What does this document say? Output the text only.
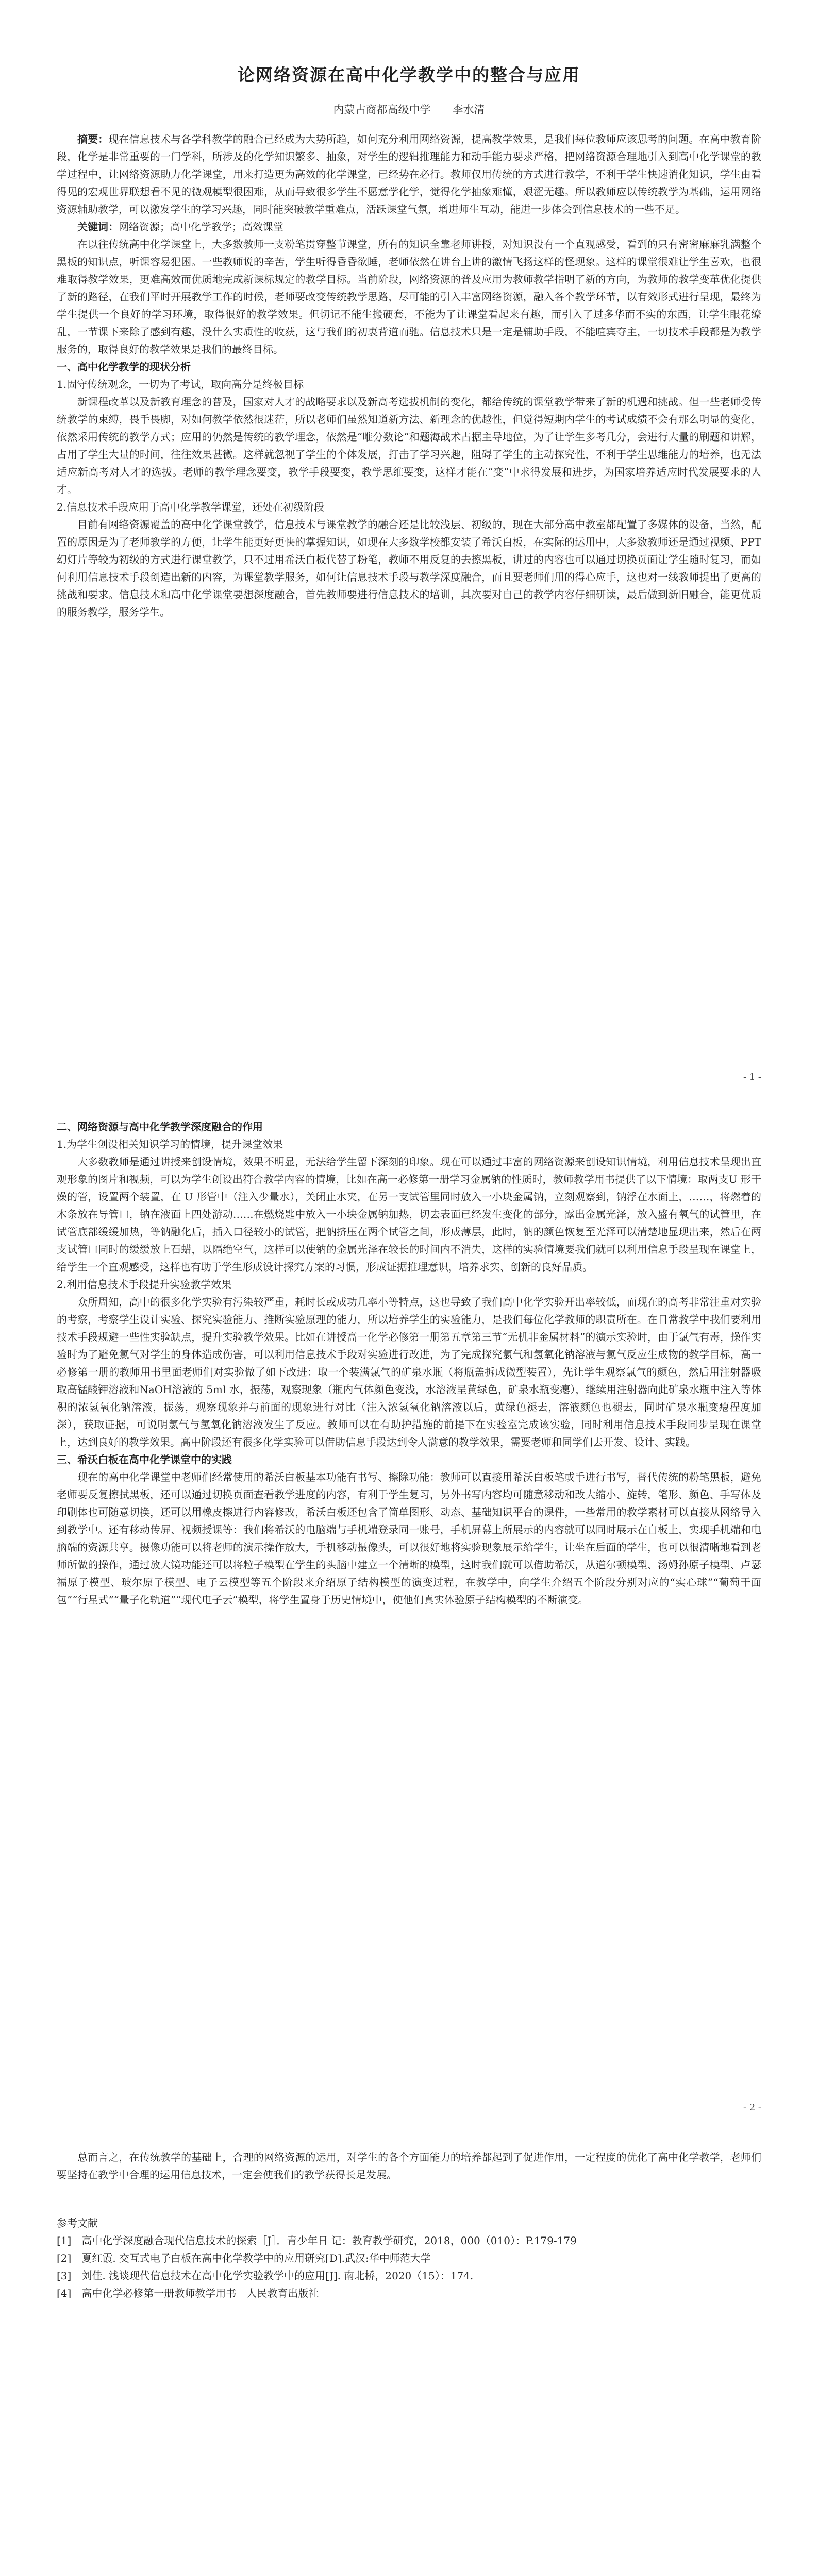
论网络资源在高中化学教学中的整合与应用
内蒙古商都高级中学　　李水清

摘要：现在信息技术与各学科教学的融合已经成为大势所趋，如何充分利用网络资源，提高教学效果，是我们每位教师应该思考的问题。在高中教育阶段，化学是非常重要的一门学科，所涉及的化学知识繁多、抽象，对学生的逻辑推理能力和动手能力要求严格，把网络资源合理地引入到高中化学课堂的教学过程中，让网络资源助力化学课堂，用来打造更为高效的化学课堂，已经势在必行。教师仅用传统的方式进行教学，不利于学生快速消化知识，学生由看得见的宏观世界联想看不见的微观模型很困难，从而导致很多学生不愿意学化学，觉得化学抽象难懂，艰涩无趣。所以教师应以传统教学为基础，运用网络资源辅助教学，可以激发学生的学习兴趣，同时能突破教学重难点，活跃课堂气氛，增进师生互动，能进一步体会到信息技术的一些不足。

关键词：网络资源；高中化学教学；高效课堂

在以往传统高中化学课堂上，大多数教师一支粉笔贯穿整节课堂，所有的知识全靠老师讲授，对知识没有一个直观感受，看到的只有密密麻麻乳满整个黑板的知识点，听课容易犯困。一些教师说的辛苦，学生听得昏昏欲睡，老师依然在讲台上讲的激情飞扬这样的怪现象。这样的课堂很难让学生喜欢，也很难取得教学效果，更难高效而优质地完成新课标规定的教学目标。当前阶段，网络资源的普及应用为教师教学指明了新的方向，为教师的教学变革优化提供了新的路径，在我们平时开展教学工作的时候，老师要改变传统教学思路，尽可能的引入丰富网络资源，融入各个教学环节，以有效形式进行呈现，最终为学生提供一个良好的学习环境，取得很好的教学效果。但切记不能生搬硬套，不能为了让课堂看起来有趣，而引入了过多华而不实的东西，让学生眼花缭乱，一节课下来除了感到有趣，没什么实质性的收获，这与我们的初衷背道而驰。信息技术只是一定是辅助手段，不能喧宾夺主，一切技术手段都是为教学服务的，取得良好的教学效果是我们的最终目标。

一、高中化学教学的现状分析

1.固守传统观念，一切为了考试，取向高分是终极目标

新课程改革以及新教育理念的普及，国家对人才的战略要求以及新高考选拔机制的变化，都给传统的课堂教学带来了新的机遇和挑战。但一些老师受传统教学的束缚，畏手畏脚，对如何教学依然很迷茫，所以老师们虽然知道新方法、新理念的优越性，但觉得短期内学生的考试成绩不会有那么明显的变化，依然采用传统的教学方式；应用的仍然是传统的教学理念，依然是“唯分数论”和题海战术占据主导地位，为了让学生多考几分，会进行大量的刷题和讲解，占用了学生大量的时间，往往效果甚微。这样就忽视了学生的个体发展，打击了学习兴趣，阻碍了学生的主动探究性，不利于学生思维能力的培养，也无法适应新高考对人才的选拔。老师的教学理念要变，教学手段要变，教学思维要变，这样才能在“变”中求得发展和进步，为国家培养适应时代发展要求的人才。

2.信息技术手段应用于高中化学教学课堂，还处在初级阶段

目前有网络资源覆盖的高中化学课堂教学，信息技术与课堂教学的融合还是比较浅层、初级的，现在大部分高中教室都配置了多媒体的设备，当然，配置的原因是为了老师教学的方便，让学生能更好更快的掌握知识，如现在大多数学校都安装了希沃白板，在实际的运用中，大多数教师还是通过视频、PPT 幻灯片等较为初级的方式进行课堂教学，只不过用希沃白板代替了粉笔，教师不用反复的去擦黑板，讲过的内容也可以通过切换页面让学生随时复习，而如何利用信息技术手段创造出新的内容，为课堂教学服务，如何让信息技术手段与教学深度融合，而且要老师们用的得心应手，这也对一线教师提出了更高的挑战和要求。信息技术和高中化学课堂要想深度融合，首先教师要进行信息技术的培训，其次要对自己的教学内容仔细研读，最后做到新旧融合，能更优质的服务教学，服务学生。

- 1 -

二、网络资源与高中化学教学深度融合的作用

1.为学生创设相关知识学习的情境，提升课堂效果

大多数教师是通过讲授来创设情境，效果不明显，无法给学生留下深刻的印象。现在可以通过丰富的网络资源来创设知识情境，利用信息技术呈现出直观形象的图片和视频，可以为学生创设出符合教学内容的情境，比如在高一必修第一册学习金属钠的性质时，教师教学用书提供了以下情境：取两支U 形干燥的管，设置两个装置，在 U 形管中（注入少量水），关闭止水夹，在另一支试管里同时放入一小块金属钠，立刻观察到，钠浮在水面上，……，将燃着的木条放在导管口，钠在液面上四处游动……在燃烧匙中放入一小块金属钠加热，切去表面已经发生变化的部分，露出金属光泽，放入盛有氧气的试管里，在试管底部缓缓加热，等钠融化后，插入口径较小的试管，把钠挤压在两个试管之间，形成薄层，此时，钠的颜色恢复至光泽可以清楚地显现出来，然后在两支试管口同时的缓缓放上石蜡，以隔绝空气，这样可以使钠的金属光泽在较长的时间内不消失，这样的实验情境要我们就可以利用信息手段呈现在课堂上，给学生一个直观感受，这样也有助于学生形成设计探究方案的习惯，形成证据推理意识，培养求实、创新的良好品质。

2.利用信息技术手段提升实验教学效果

众所周知，高中的很多化学实验有污染较严重，耗时长或成功几率小等特点，这也导致了我们高中化学实验开出率较低，而现在的高考非常注重对实验的考察，考察学生设计实验、探究实验能力、推断实验原理的能力，所以培养学生的实验能力，是我们每位化学教师的职责所在。在日常教学中我们要利用技术手段规避一些性实验缺点，提升实验教学效果。比如在讲授高一化学必修第一册第五章第三节“无机非金属材料”的演示实验时，由于氯气有毒，操作实验时为了避免氯气对学生的身体造成伤害，可以利用信息技术手段对实验进行改进，为了完成探究氯气和氢氧化钠溶液与氯气反应生成物的教学目标，高一必修第一册的教师用书里面老师们对实验做了如下改进：取一个装满氯气的矿泉水瓶（将瓶盖拆成微型装置），先让学生观察氯气的颜色，然后用注射器吸取高锰酸钾溶液和NaOH溶液的 5ml 水，振荡，观察现象（瓶内气体颜色变浅，水溶液呈黄绿色，矿泉水瓶变瘪），继续用注射器向此矿泉水瓶中注入等体积的浓氢氧化钠溶液，振荡，观察现象并与前面的现象进行对比（注入浓氢氧化钠溶液以后，黄绿色褪去，溶液颜色也褪去，同时矿泉水瓶变瘪程度加深），获取证据，可说明氯气与氢氧化钠溶液发生了反应。教师可以在有助护措施的前提下在实验室完成该实验，同时利用信息技术手段同步呈现在课堂上，达到良好的教学效果。高中阶段还有很多化学实验可以借助信息手段达到令人满意的教学效果，需要老师和同学们去开发、设计、实践。

三、希沃白板在高中化学课堂中的实践

现在的高中化学课堂中老师们经常使用的希沃白板基本功能有书写、擦除功能：教师可以直接用希沃白板笔或手进行书写，替代传统的粉笔黑板，避免老师要反复擦拭黑板，还可以通过切换页面查看教学进度的内容，有利于学生复习，另外书写内容均可随意移动和改大缩小、旋转，笔形、颜色、手写体及印刷体也可随意切换，还可以用橡皮擦进行内容修改，希沃白板还包含了简单图形、动态、基础知识平台的课件，一些常用的教学素材可以直接从网络导入到教学中。还有移动传屏、视频授课等：我们将希沃的电脑端与手机端登录同一账号，手机屏幕上所展示的内容就可以同时展示在白板上，实现手机端和电脑端的资源共享。摄像功能可以将老师的演示操作放大，手机移动摄像头，可以很好地将实验现象展示给学生，让坐在后面的学生，也可以很清晰地看到老师所做的操作，通过放大镜功能还可以将粒子模型在学生的头脑中建立一个清晰的模型，这时我们就可以借助希沃，从道尔顿模型、汤姆孙原子模型、卢瑟福原子模型、玻尔原子模型、电子云模型等五个阶段来介绍原子结构模型的演变过程，在教学中，向学生介绍五个阶段分别对应的“实心球”“葡萄干面包”“行星式”“量子化轨道”“现代电子云”模型，将学生置身于历史情境中，使他们真实体验原子结构模型的不断演变。

- 2 -

总而言之，在传统教学的基础上，合理的网络资源的运用，对学生的各个方面能力的培养都起到了促进作用，一定程度的优化了高中化学教学，老师们要坚持在教学中合理的运用信息技术，一定会使我们的教学获得长足发展。

参考文献

[1]　高中化学深度融合现代信息技术的探索［J］．青少年日 记：教育教学研究，2018，000（010）：P.179-179

[2]　夏红霞. 交互式电子白板在高中化学教学中的应用研究[D].武汉:华中师范大学

[3]　刘佳. 浅谈现代信息技术在高中化学实验教学中的应用[J]. 南北桥，2020（15）：174.

[4]　高中化学必修第一册教师教学用书　人民教育出版社
